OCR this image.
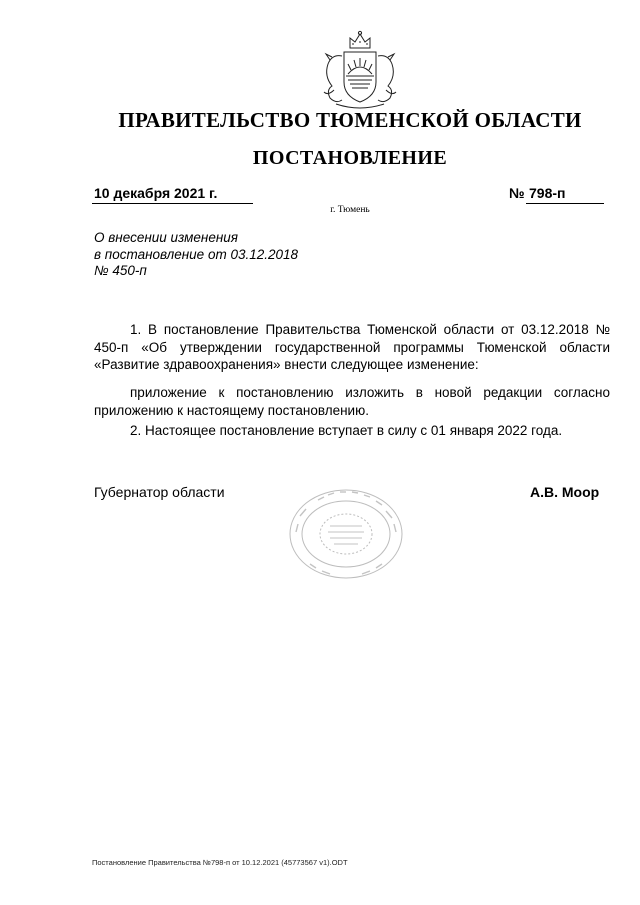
ПРАВИТЕЛЬСТВО ТЮМЕНСКОЙ ОБЛАСТИ
ПОСТАНОВЛЕНИЕ
10 декабря 2021 г.	№ 798-п
г. Тюмень
О внесении изменения
в постановление от 03.12.2018
№ 450-п
1. В постановление Правительства Тюменской области от 03.12.2018 № 450-п «Об утверждении государственной программы Тюменской области «Развитие здравоохранения» внести следующее изменение:
приложение к постановлению изложить в новой редакции согласно приложению к настоящему постановлению.
2. Настоящее постановление вступает в силу с 01 января 2022 года.
Губернатор области	А.В. Моор
Постановление Правительства №798-п от 10.12.2021 (45773567 v1).ODT
